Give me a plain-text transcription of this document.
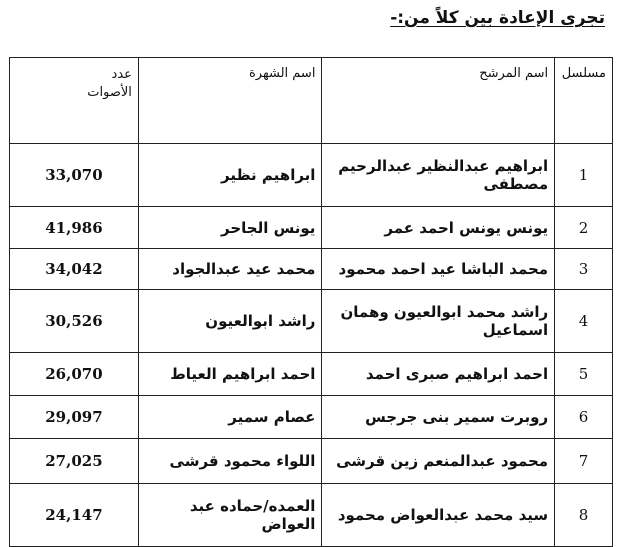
تجرى الإعادة بين كلاً من:-
مسلسل	اسم المرشح	اسم الشهرة	عدد
الأصوات
1	ابراهيم عبدالنظير عبدالرحيم مصطفى	ابراهيم نظير	33,070
2	يونس يونس احمد عمر	يونس الجاحر	41,986
3	محمد الباشا عيد احمد محمود	محمد عيد عبدالجواد	34,042
4	راشد محمد ابوالعيون وهمان اسماعيل	راشد ابوالعيون	30,526
5	احمد ابراهيم صبرى احمد	احمد ابراهيم العياط	26,070
6	روبرت سمير بنى جرجس	عصام سمير	29,097
7	محمود عبدالمنعم زين قرشى	اللواء محمود قرشى	27,025
8	سيد محمد عبدالعواض محمود	العمده/حماده عبد العواض	24,147
